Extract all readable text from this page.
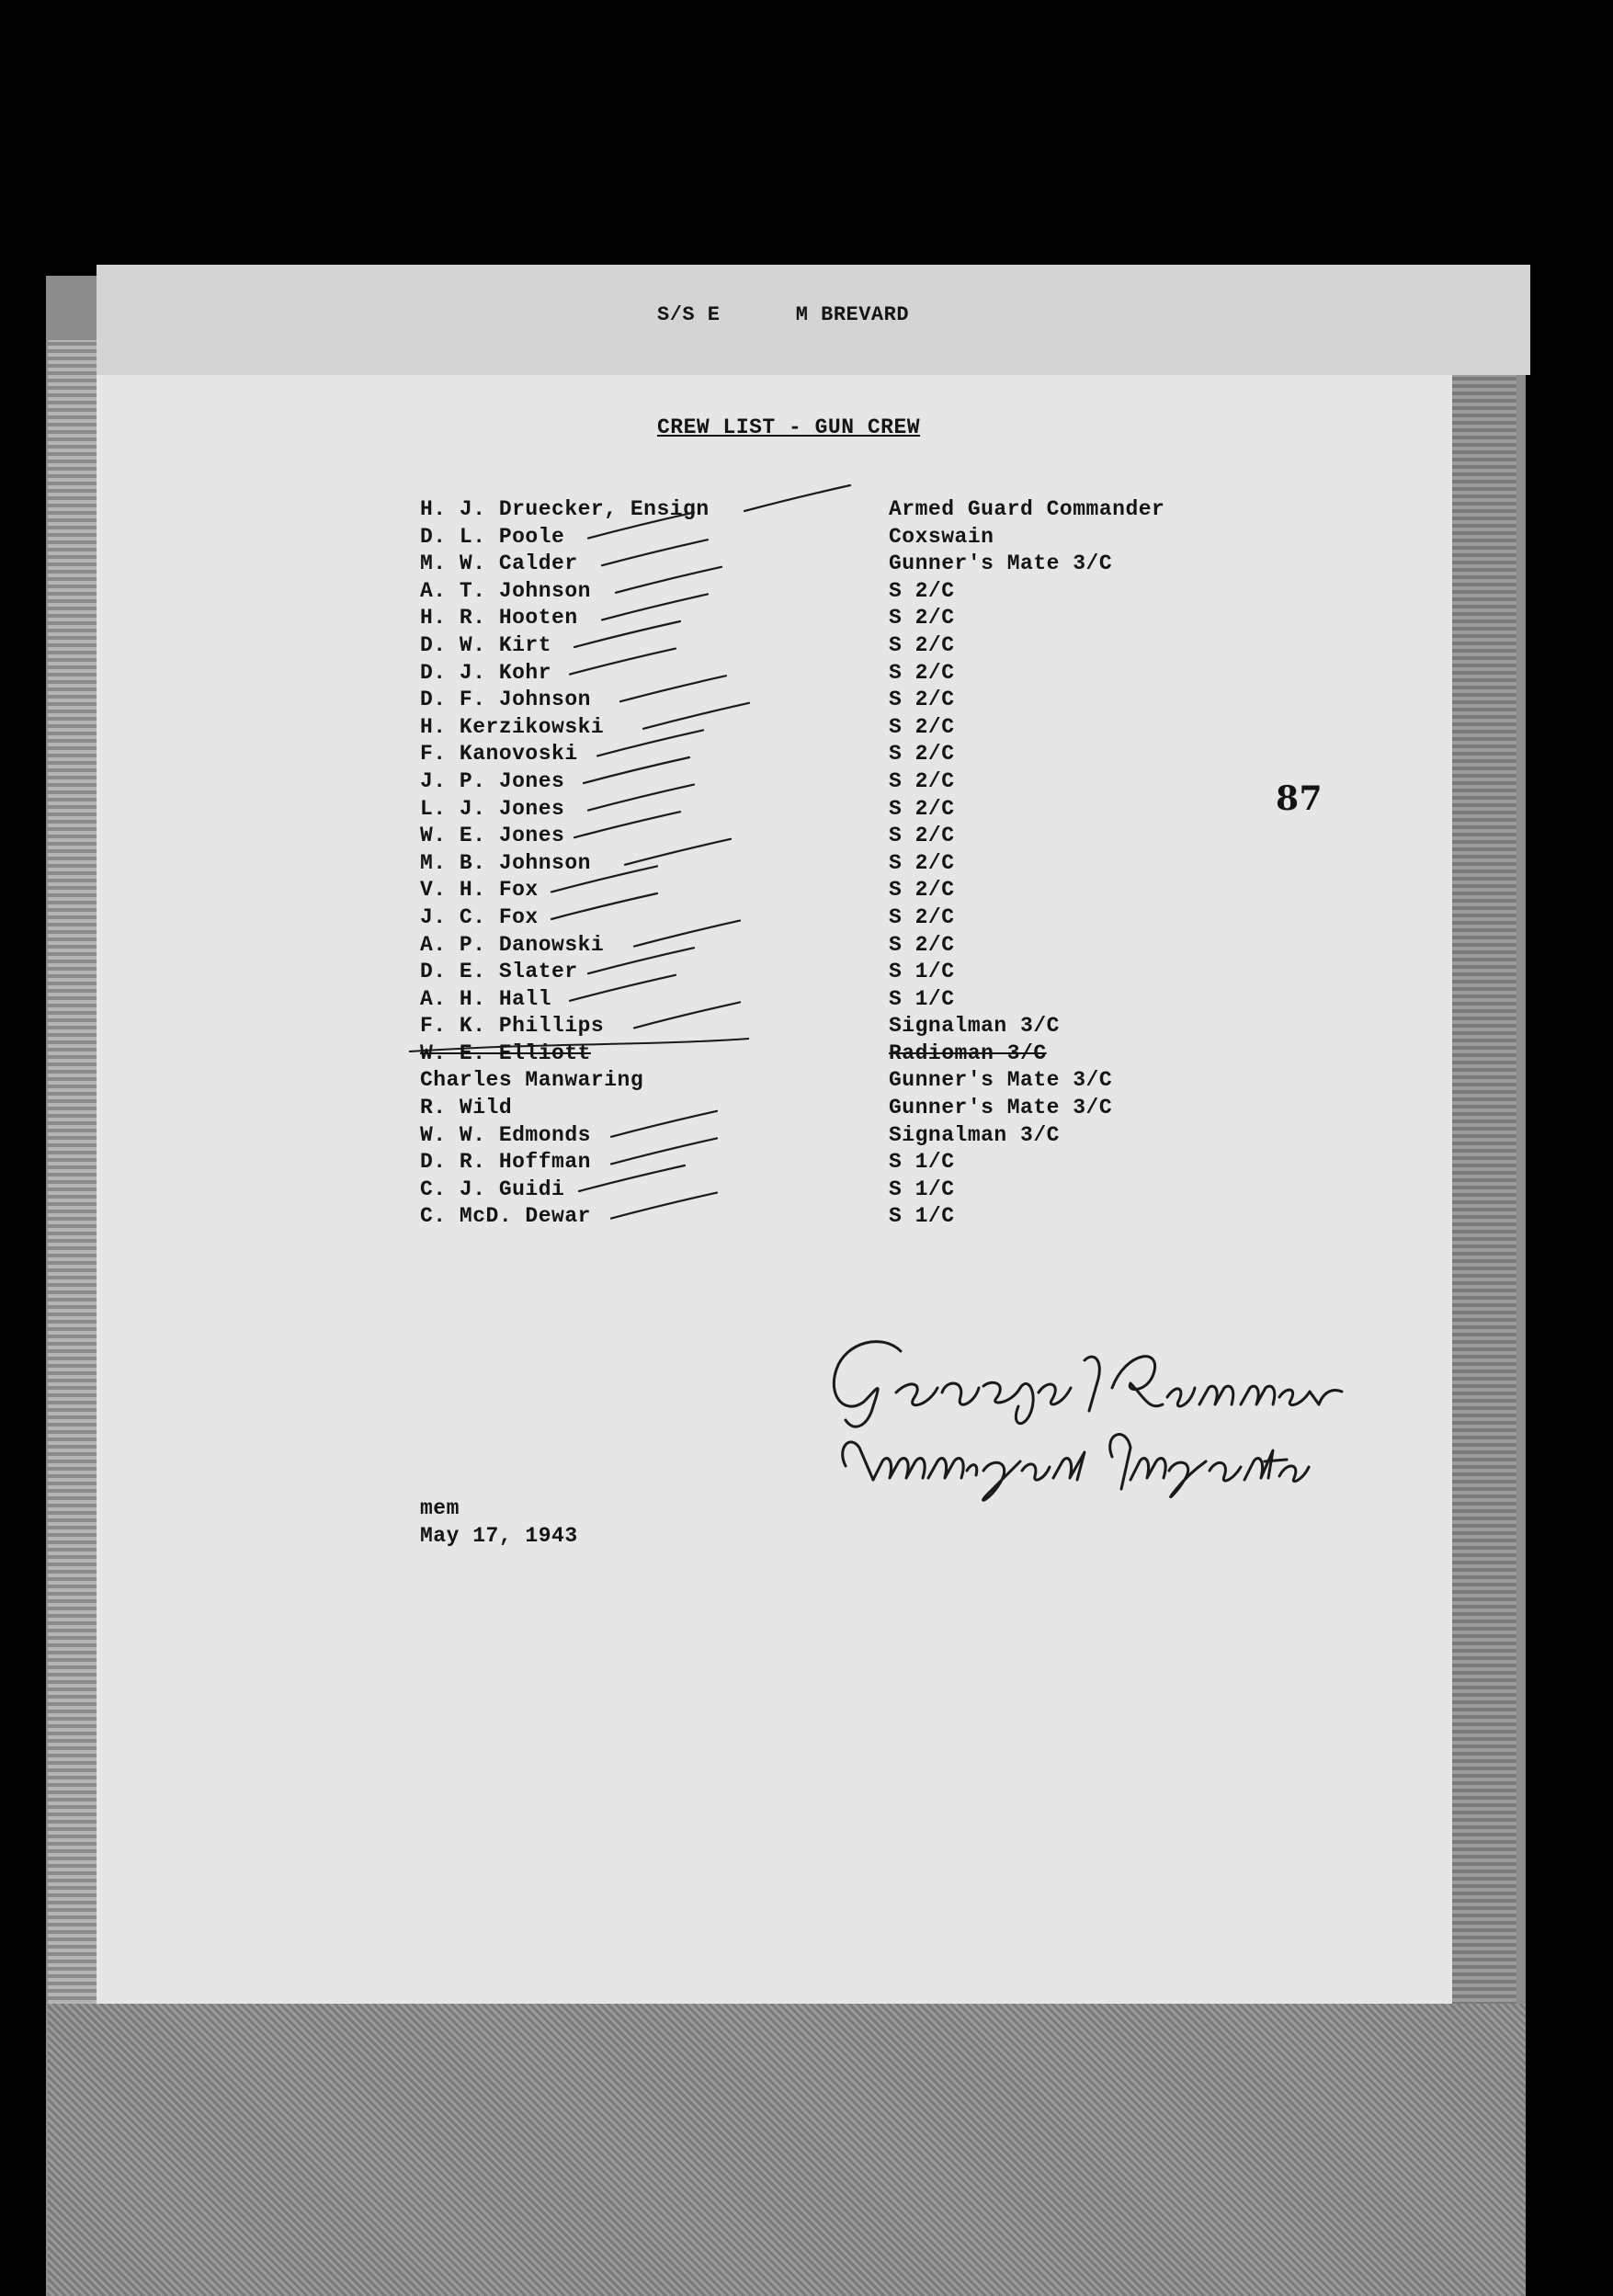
S/S E      M BREVARD
CREW LIST - GUN CREW
H. J. Druecker, Ensign
D. L. Poole
M. W. Calder
A. T. Johnson
H. R. Hooten
D. W. Kirt
D. J. Kohr
D. F. Johnson
H. Kerzikowski
F. Kanovoski
J. P. Jones
L. J. Jones
W. E. Jones
M. B. Johnson
V. H. Fox
J. C. Fox
A. P. Danowski
D. E. Slater
A. H. Hall
F. K. Phillips
W. E. Elliott
Charles Manwaring
R. Wild
W. W. Edmonds
D. R. Hoffman
C. J. Guidi
C. McD. Dewar
Armed Guard Commander
Coxswain
Gunner's Mate 3/C
S 2/C
S 2/C
S 2/C
S 2/C
S 2/C
S 2/C
S 2/C
S 2/C
S 2/C
S 2/C
S 2/C
S 2/C
S 2/C
S 2/C
S 1/C
S 1/C
Signalman 3/C
Radioman 3/C
Gunner's Mate 3/C
Gunner's Mate 3/C
Signalman 3/C
S 1/C
S 1/C
S 1/C
87
mem
May 17, 1943
